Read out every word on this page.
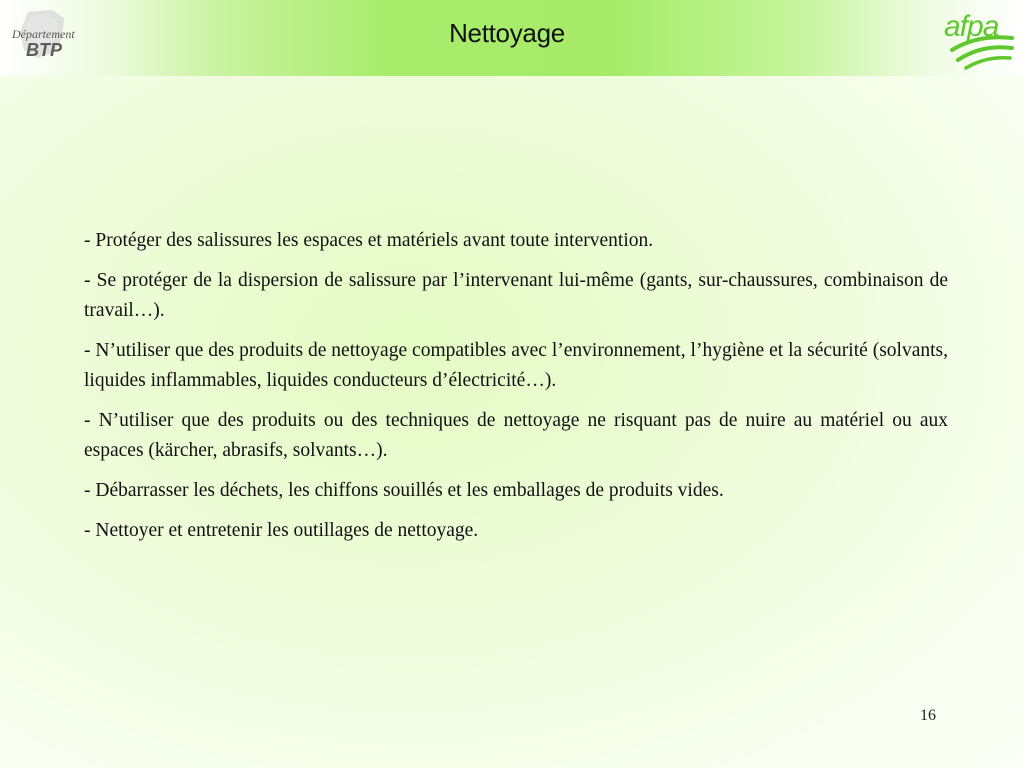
Département
BTP
Nettoyage	afpa

- Protéger des salissures les espaces et matériels avant toute intervention.

- Se protéger de la dispersion de salissure par l’intervenant lui-même (gants, sur-chaussures, combinaison de travail…).

- N’utiliser que des produits de nettoyage compatibles avec l’environnement, l’hygiène et la sécurité (solvants, liquides inflammables, liquides conducteurs d’électricité…).

- N’utiliser que des produits ou des techniques de nettoyage ne risquant pas de nuire au matériel ou aux espaces (kärcher, abrasifs, solvants…).

- Débarrasser les déchets, les chiffons souillés et les emballages de produits vides.

- Nettoyer et entretenir les outillages de nettoyage.

16
